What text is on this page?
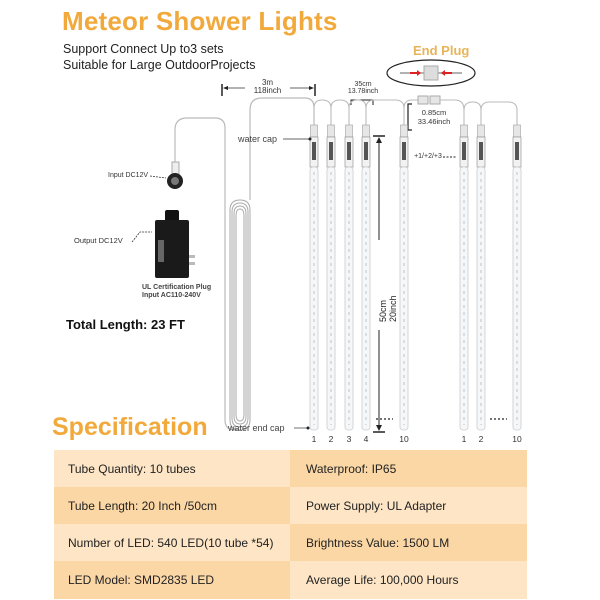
Meteor Shower Lights
Support Connect Up to3 sets
Suitable for Large OutdoorProjects
End Plug
3m
118inch
35cm
13.78inch
0.85cm
33.46inch
50cm 20inch
water cap
water end cap
+1/+2/+3
Input DC12V
Output DC12V
UL Certification Plug
Input AC110-240V
1	2	3	4	10	1	2	10
Total Length: 23 FT
Specification
Tube Quantity: 10 tubes	Waterproof: IP65
Tube Length: 20 Inch /50cm	Power Supply: UL Adapter
Number of LED: 540 LED(10 tube *54)	Brightness Value: 1500 LM
LED Model: SMD2835 LED	Average Life: 100,000 Hours
